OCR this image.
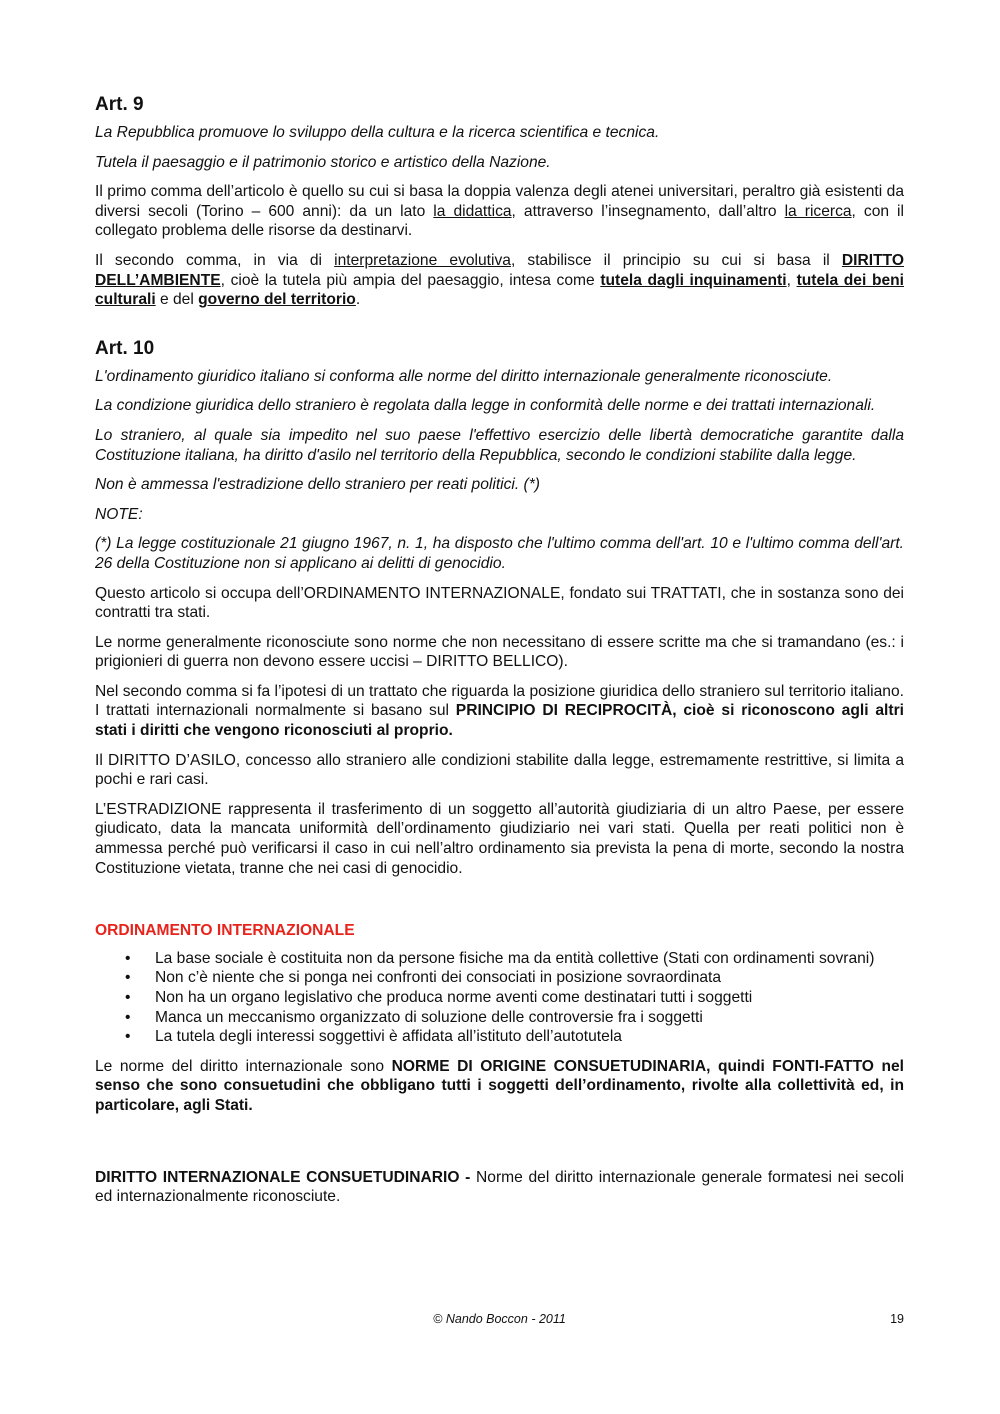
Art. 9

La Repubblica promuove lo sviluppo della cultura e la ricerca scientifica e tecnica.

Tutela il paesaggio e il patrimonio storico e artistico della Nazione.

Il primo comma dell’articolo è quello su cui si basa la doppia valenza degli atenei universitari, peraltro già esistenti da diversi secoli (Torino – 600 anni): da un lato la didattica, attraverso l’insegnamento, dall’altro la ricerca, con il collegato problema delle risorse da destinarvi.

Il secondo comma, in via di interpretazione evolutiva, stabilisce il principio su cui si basa il DIRITTO DELL’AMBIENTE, cioè la tutela più ampia del paesaggio, intesa come tutela dagli inquinamenti, tutela dei beni culturali e del governo del territorio.

Art. 10

L'ordinamento giuridico italiano si conforma alle norme del diritto internazionale generalmente riconosciute.

La condizione giuridica dello straniero è regolata dalla legge in conformità delle norme e dei trattati internazionali.

Lo straniero, al quale sia impedito nel suo paese l'effettivo esercizio delle libertà democratiche garantite dalla Costituzione italiana, ha diritto d'asilo nel territorio della Repubblica, secondo le condizioni stabilite dalla legge.

Non è ammessa l'estradizione dello straniero per reati politici. (*)

NOTE:

(*) La legge costituzionale 21 giugno 1967, n. 1, ha disposto che l'ultimo comma dell'art. 10 e l'ultimo comma dell'art. 26 della Costituzione non si applicano ai delitti di genocidio.

Questo articolo si occupa dell’ORDINAMENTO INTERNAZIONALE, fondato sui TRATTATI, che in sostanza sono dei contratti tra stati.

Le norme generalmente riconosciute sono norme che non necessitano di essere scritte ma che si tramandano (es.: i prigionieri di guerra non devono essere uccisi – DIRITTO BELLICO).

Nel secondo comma si fa l’ipotesi di un trattato che riguarda la posizione giuridica dello straniero sul territorio italiano. I trattati internazionali normalmente si basano sul PRINCIPIO DI RECIPROCITÀ, cioè si riconoscono agli altri stati i diritti che vengono riconosciuti al proprio.

Il DIRITTO D’ASILO, concesso allo straniero alle condizioni stabilite dalla legge, estremamente restrittive, si limita a pochi e rari casi.

L’ESTRADIZIONE rappresenta il trasferimento di un soggetto all’autorità giudiziaria di un altro Paese, per essere giudicato, data la mancata uniformità dell’ordinamento giudiziario nei vari stati. Quella per reati politici non è ammessa perché può verificarsi il caso in cui nell’altro ordinamento sia prevista la pena di morte, secondo la nostra Costituzione vietata, tranne che nei casi di genocidio.

ORDINAMENTO INTERNAZIONALE
• La base sociale è costituita non da persone fisiche ma da entità collettive (Stati con ordinamenti sovrani)
• Non c’è niente che si ponga nei confronti dei consociati in posizione sovraordinata
• Non ha un organo legislativo che produca norme aventi come destinatari tutti i soggetti
• Manca un meccanismo organizzato di soluzione delle controversie fra i soggetti
• La tutela degli interessi soggettivi è affidata all’istituto dell’autotutela

Le norme del diritto internazionale sono NORME DI ORIGINE CONSUETUDINARIA, quindi FONTI-FATTO nel senso che sono consuetudini che obbligano tutti i soggetti dell’ordinamento, rivolte alla collettività ed, in particolare, agli Stati.

DIRITTO INTERNAZIONALE CONSUETUDINARIO - Norme del diritto internazionale generale formatesi nei secoli ed internazionalmente riconosciute.

© Nando Boccon - 2011	19
